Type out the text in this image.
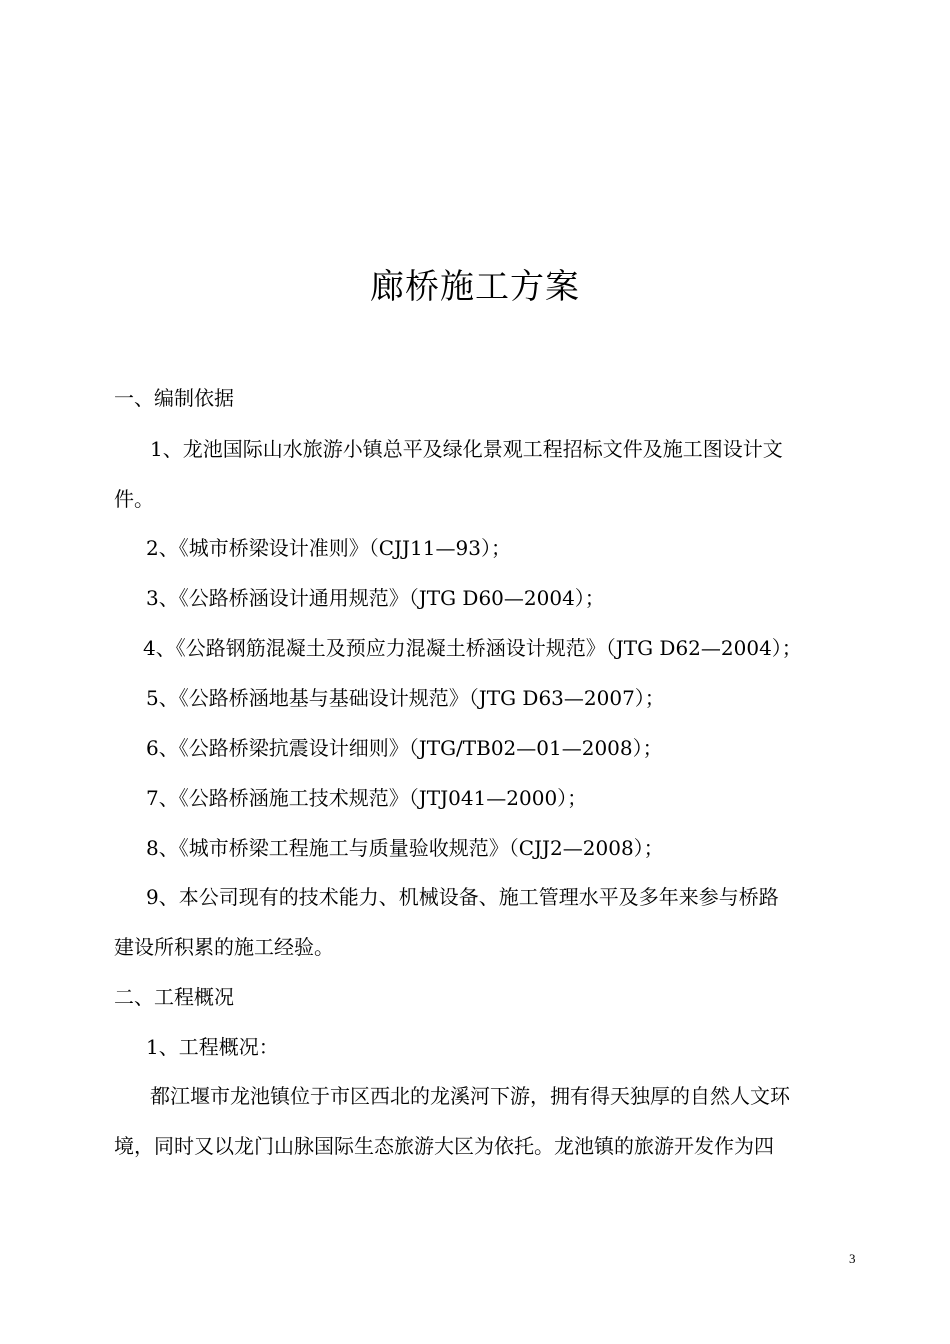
廊桥施工方案
一、编制依据
1、龙池国际山水旅游小镇总平及绿化景观工程招标文件及施工图设计文
件。
2、《城市桥梁设计准则》（CJJ11—93）；
3、《公路桥涵设计通用规范》（JTG D60—2004）；
4、《公路钢筋混凝土及预应力混凝土桥涵设计规范》（JTG D62—2004）；
5、《公路桥涵地基与基础设计规范》（JTG D63—2007）；
6、《公路桥梁抗震设计细则》（JTG/TB02—01—2008）；
7、《公路桥涵施工技术规范》（JTJ041—2000）；
8、《城市桥梁工程施工与质量验收规范》（CJJ2—2008）；
9、本公司现有的技术能力、机械设备、施工管理水平及多年来参与桥路
建设所积累的施工经验。
二、工程概况
1、工程概况：
都江堰市龙池镇位于市区西北的龙溪河下游，拥有得天独厚的自然人文环
境，同时又以龙门山脉国际生态旅游大区为依托。龙池镇的旅游开发作为四
3
